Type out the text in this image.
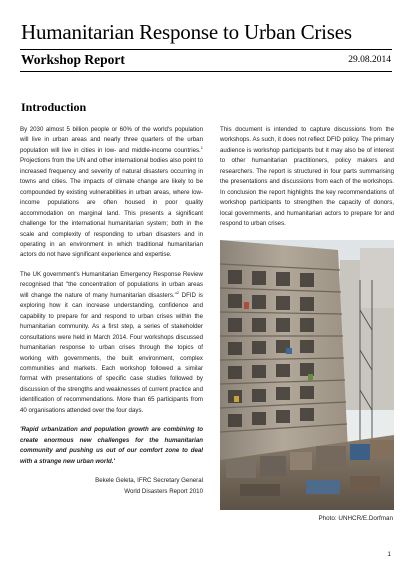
Humanitarian Response to Urban Crises
Workshop Report	29.08.2014
Introduction

By 2030 almost 5 billion people or 60% of the world's population will live in urban areas and nearly three quarters of the urban population will live in cities in low- and middle-income countries.$^1$ Projections from the UN and other international bodies also point to increased frequency and severity of natural disasters occurring in towns and cities. The impacts of climate change are likely to be compounded by existing vulnerabilities in urban areas, where low-income populations are often housed in poor quality accommodation on marginal land. This presents a significant challenge for the international humanitarian system; both in the scale and complexity of responding to urban disasters and in operating in an environment in which traditional humanitarian actors do not have significant experience and expertise.

The UK government's Humanitarian Emergency Response Review recognised that "the concentration of populations in urban areas will change the nature of many humanitarian disasters."$^2$ DFID is exploring how it can increase understanding, confidence and capability to prepare for and respond to urban crises within the humanitarian community. As a first step, a series of stakeholder consultations were held in March 2014. Four workshops discussed humanitarian response to urban crises through the topics of working with governments, the built environment, complex communities and markets. Each workshop followed a similar format with presentations of specific case studies followed by discussion of the strengths and weaknesses of current practice and identification of recommendations. More than 65 participants from 40 organisations attended over the four days.

'Rapid urbanization and population growth are combining to create enormous new challenges for the humanitarian community and pushing us out of our comfort zone to deal with a strange new urban world.'

Bekele Geleta, IFRC Secretary General

World Disasters Report 2010

This document is intended to capture discussions from the workshops. As such, it does not reflect DFID policy. The primary audience is workshop participants but it may also be of interest to other humanitarian practitioners, policy makers and researchers. The report is structured in four parts summarising the presentations and discussions from each of the workshops. In conclusion the report highlights the key recommendations of workshop participants to strengthen the capacity of donors, local governments, and humanitarian actors to prepare for and respond to urban crises.

Photo: UNHCR/E.Dorfman
1
